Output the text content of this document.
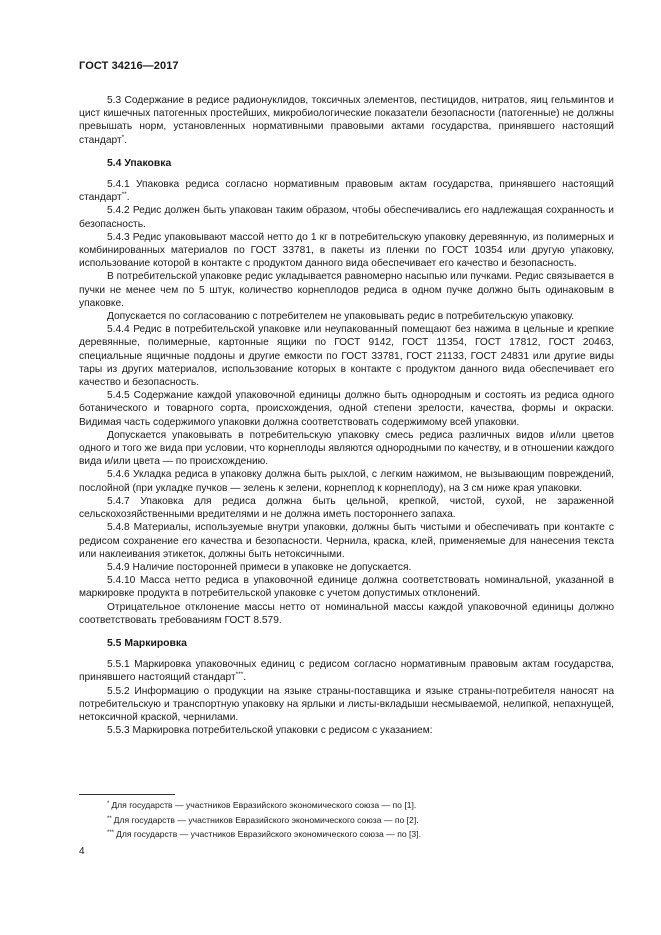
ГОСТ 34216—2017

5.3 Содержание в редисе радионуклидов, токсичных элементов, пестицидов, нитратов, яиц гельминтов и цист кишечных патогенных простейших, микробиологические показатели безопасности (патогенные) не должны превышать норм, установленных нормативными правовыми актами государства, принявшего настоящий стандарт*.

5.4 Упаковка

5.4.1 Упаковка редиса согласно нормативным правовым актам государства, принявшего настоящий стандарт**.

5.4.2 Редис должен быть упакован таким образом, чтобы обеспечивались его надлежащая сохранность и безопасность.

5.4.3 Редис упаковывают массой нетто до 1 кг в потребительскую упаковку деревянную, из полимерных и комбинированных материалов по ГОСТ 33781, в пакеты из пленки по ГОСТ 10354 или другую упаковку, использование которой в контакте с продуктом данного вида обеспечивает его качество и безопасность.

В потребительской упаковке редис укладывается равномерно насыпью или пучками. Редис связывается в пучки не менее чем по 5 штук, количество корнеплодов редиса в одном пучке должно быть одинаковым в упаковке.

Допускается по согласованию с потребителем не упаковывать редис в потребительскую упаковку.

5.4.4 Редис в потребительской упаковке или неупакованный помещают без нажима в цельные и крепкие деревянные, полимерные, картонные ящики по ГОСТ 9142, ГОСТ 11354, ГОСТ 17812, ГОСТ 20463, специальные ящичные поддоны и другие емкости по ГОСТ 33781, ГОСТ 21133, ГОСТ 24831 или другие виды тары из других материалов, использование которых в контакте с продуктом данного вида обеспечивает его качество и безопасность.

5.4.5 Содержание каждой упаковочной единицы должно быть однородным и состоять из редиса одного ботанического и товарного сорта, происхождения, одной степени зрелости, качества, формы и окраски. Видимая часть содержимого упаковки должна соответствовать содержимому всей упаковки.

Допускается упаковывать в потребительскую упаковку смесь редиса различных видов и/или цветов одного и того же вида при условии, что корнеплоды являются однородными по качеству, и в отношении каждого вида и/или цвета — по происхождению.

5.4.6 Укладка редиса в упаковку должна быть рыхлой, с легким нажимом, не вызывающим повреждений, послойной (при укладке пучков — зелень к зелени, корнеплод к корнеплоду), на 3 см ниже края упаковки.

5.4.7 Упаковка для редиса должна быть цельной, крепкой, чистой, сухой, не зараженной сельскохозяйственными вредителями и не должна иметь постороннего запаха.

5.4.8 Материалы, используемые внутри упаковки, должны быть чистыми и обеспечивать при контакте с редисом сохранение его качества и безопасности. Чернила, краска, клей, применяемые для нанесения текста или наклеивания этикеток, должны быть нетоксичными.

5.4.9 Наличие посторонней примеси в упаковке не допускается.

5.4.10 Масса нетто редиса в упаковочной единице должна соответствовать номинальной, указанной в маркировке продукта в потребительской упаковке с учетом допустимых отклонений.

Отрицательное отклонение массы нетто от номинальной массы каждой упаковочной единицы должно соответствовать требованиям ГОСТ 8.579.

5.5 Маркировка

5.5.1 Маркировка упаковочных единиц с редисом согласно нормативным правовым актам государства, принявшего настоящий стандарт***.

5.5.2 Информацию о продукции на языке страны-поставщика и языке страны-потребителя наносят на потребительскую и транспортную упаковку на ярлыки и листы-вкладыши несмываемой, нелипкой, непахнущей, нетоксичной краской, чернилами.

5.5.3 Маркировка потребительской упаковки с редисом с указанием:

* Для государств — участников Евразийского экономического союза — по [1].

** Для государств — участников Евразийского экономического союза — по [2].

*** Для государств — участников Евразийского экономического союза — по [3].

4
